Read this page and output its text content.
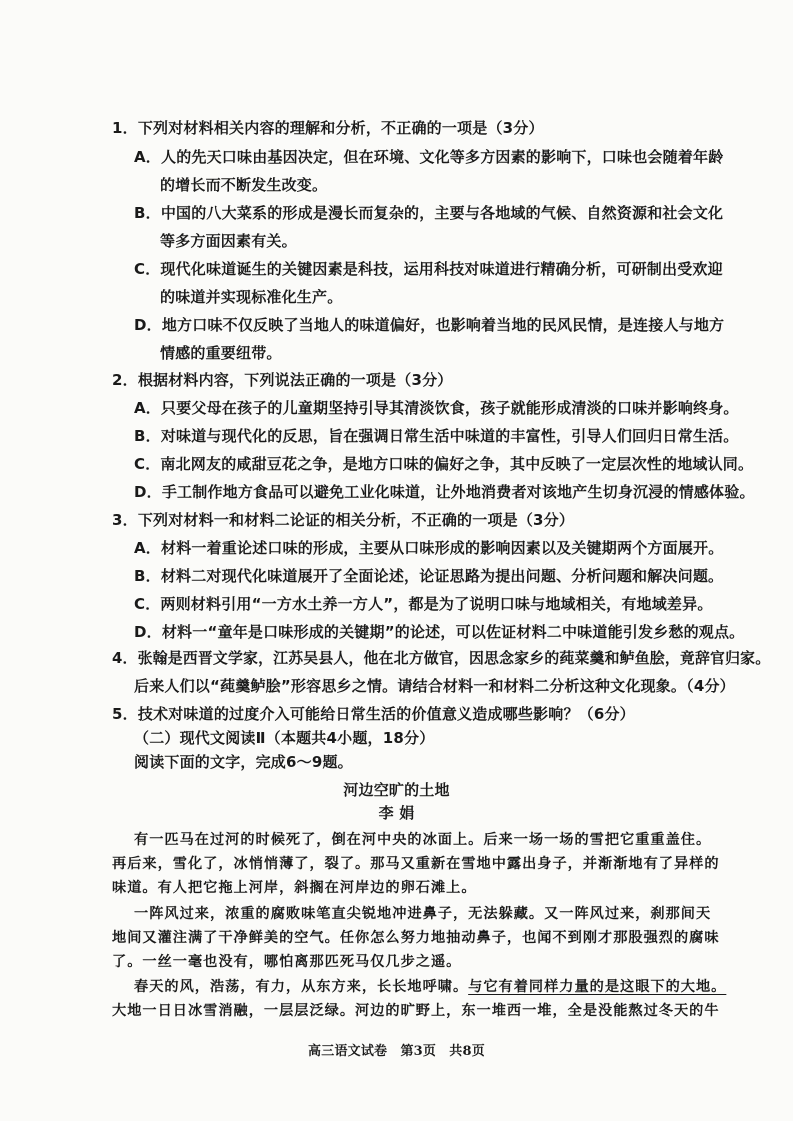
1．下列对材料相关内容的理解和分析，不正确的一项是（3分）
A．人的先天口味由基因决定，但在环境、文化等多方因素的影响下，口味也会随着年龄
的增长而不断发生改变。
B．中国的八大菜系的形成是漫长而复杂的，主要与各地域的气候、自然资源和社会文化
等多方面因素有关。
C．现代化味道诞生的关键因素是科技，运用科技对味道进行精确分析，可研制出受欢迎
的味道并实现标准化生产。
D．地方口味不仅反映了当地人的味道偏好，也影响着当地的民风民情，是连接人与地方
情感的重要纽带。
2．根据材料内容，下列说法正确的一项是（3分）
A．只要父母在孩子的儿童期坚持引导其清淡饮食，孩子就能形成清淡的口味并影响终身。
B．对味道与现代化的反思，旨在强调日常生活中味道的丰富性，引导人们回归日常生活。
C．南北网友的咸甜豆花之争，是地方口味的偏好之争，其中反映了一定层次性的地域认同。
D．手工制作地方食品可以避免工业化味道，让外地消费者对该地产生切身沉浸的情感体验。
3．下列对材料一和材料二论证的相关分析，不正确的一项是（3分）
A．材料一着重论述口味的形成，主要从口味形成的影响因素以及关键期两个方面展开。
B．材料二对现代化味道展开了全面论述，论证思路为提出问题、分析问题和解决问题。
C．两则材料引用“一方水土养一方人”，都是为了说明口味与地域相关，有地域差异。
D．材料一“童年是口味形成的关键期”的论述，可以佐证材料二中味道能引发乡愁的观点。
4．张翰是西晋文学家，江苏吴县人，他在北方做官，因思念家乡的莼菜羹和鲈鱼脍，竟辞官归家。
后来人们以“莼羹鲈脍”形容思乡之情。请结合材料一和材料二分析这种文化现象。（4分）
5．技术对味道的过度介入可能给日常生活的价值意义造成哪些影响？（6分）
（二）现代文阅读Ⅱ（本题共4小题，18分）
阅读下面的文字，完成6～9题。
河边空旷的土地
李 娟
有一匹马在过河的时候死了，倒在河中央的冰面上。后来一场一场的雪把它重重盖住。
再后来，雪化了，冰悄悄薄了，裂了。那马又重新在雪地中露出身子，并渐渐地有了异样的
味道。有人把它拖上河岸，斜搁在河岸边的卵石滩上。
一阵风过来，浓重的腐败味笔直尖锐地冲进鼻子，无法躲藏。又一阵风过来，刹那间天
地间又灌注满了干净鲜美的空气。任你怎么努力地抽动鼻子，也闻不到刚才那股强烈的腐味
了。一丝一毫也没有，哪怕离那匹死马仅几步之遥。
春天的风，浩荡，有力，从东方来，长长地呼啸。与它有着同样力量的是这眼下的大地。
大地一日日冰雪消融，一层层泛绿。河边的旷野上，东一堆西一堆，全是没能熬过冬天的牛
高三语文试卷　第3页　共8页
